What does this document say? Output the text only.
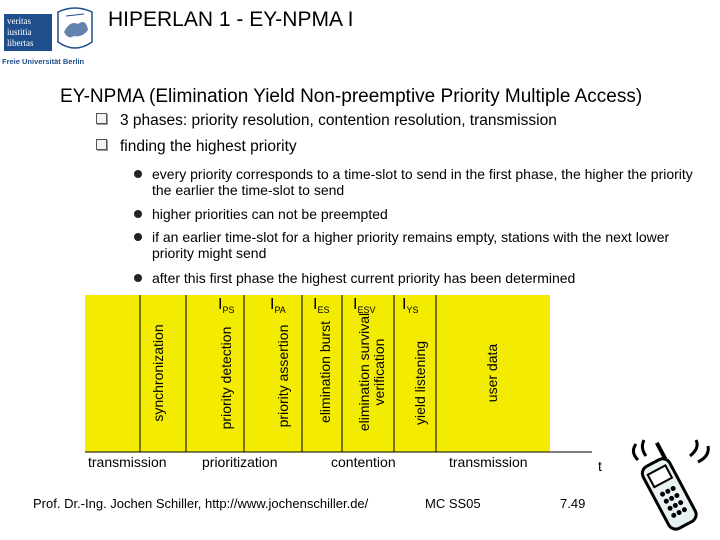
veritas
iustitia
libertas
Freie Universität Berlin
HIPERLAN 1 - EY-NPMA I
EY-NPMA (Elimination Yield Non-preemptive Priority Multiple Access)
3 phases: priority resolution, contention resolution, transmission
finding the highest priority
every priority corresponds to a time-slot to send in the first phase, the higher the priority the earlier the time-slot to send
higher priorities can not be preempted
if an earlier time-slot for a higher priority remains empty, stations with the next lower priority might send
after this first phase the highest current priority has been determined
synchronization	priority detection	priority assertion elimination burst elimination survival verification yield listening	user data
$I_{PS}$ $I_{PA}$ $I_{ES}$ $I_{ESV}$ $I_{YS}$
transmission	prioritization	contention	transmission	t
Prof. Dr.-Ing. Jochen Schiller, http://www.jochenschiller.de/	MC SS05	7.49
